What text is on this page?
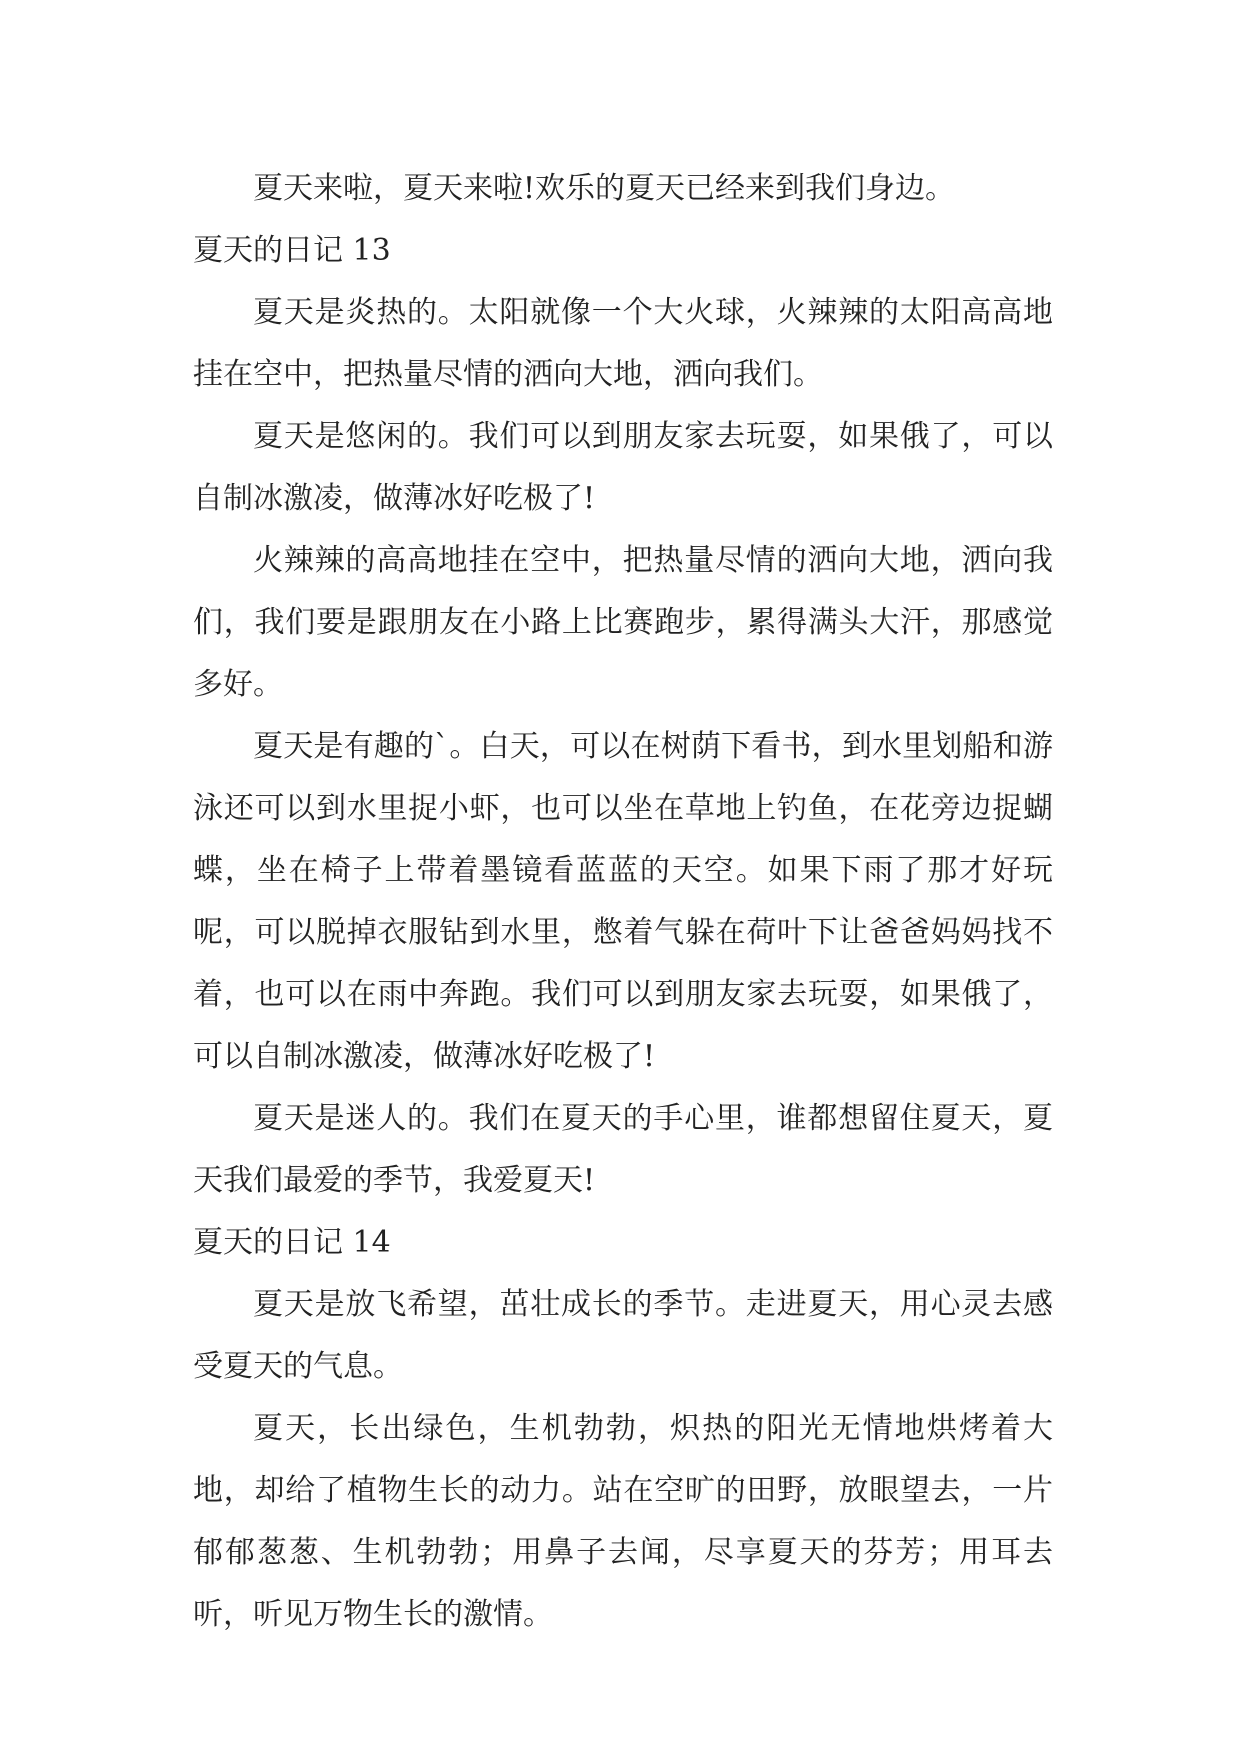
夏天来啦，夏天来啦!欢乐的夏天已经来到我们身边。

夏天的日记 13

夏天是炎热的。太阳就像一个大火球，火辣辣的太阳高高地挂在空中，把热量尽情的洒向大地，洒向我们。

夏天是悠闲的。我们可以到朋友家去玩耍，如果俄了，可以自制冰激凌，做薄冰好吃极了!

火辣辣的高高地挂在空中，把热量尽情的洒向大地，洒向我们，我们要是跟朋友在小路上比赛跑步，累得满头大汗，那感觉多好。

夏天是有趣的`。白天，可以在树荫下看书，到水里划船和游泳还可以到水里捉小虾，也可以坐在草地上钓鱼，在花旁边捉蝴蝶，坐在椅子上带着墨镜看蓝蓝的天空。如果下雨了那才好玩呢，可以脱掉衣服钻到水里，憋着气躲在荷叶下让爸爸妈妈找不着，也可以在雨中奔跑。我们可以到朋友家去玩耍，如果俄了，可以自制冰激凌，做薄冰好吃极了!

夏天是迷人的。我们在夏天的手心里，谁都想留住夏天，夏天我们最爱的季节，我爱夏天!

夏天的日记 14

夏天是放飞希望，茁壮成长的季节。走进夏天，用心灵去感受夏天的气息。

夏天，长出绿色，生机勃勃，炽热的阳光无情地烘烤着大地，却给了植物生长的动力。站在空旷的田野，放眼望去，一片郁郁葱葱、生机勃勃；用鼻子去闻，尽享夏天的芬芳；用耳去听，听见万物生长的激情。
